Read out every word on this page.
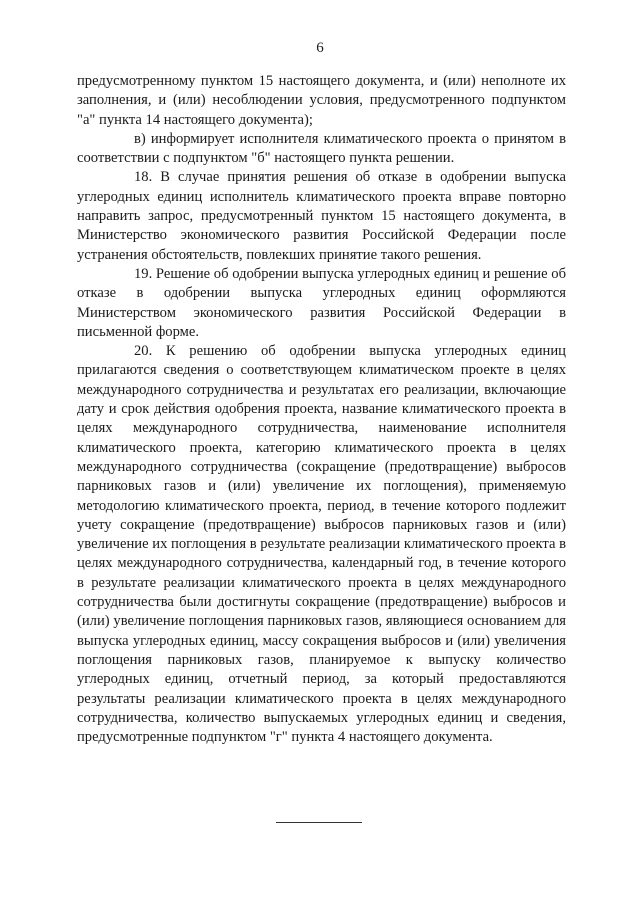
6

предусмотренному пунктом 15 настоящего документа, и (или) неполноте их заполнения, и (или) несоблюдении условия, предусмотренного подпунктом "а" пункта 14 настоящего документа);

в) информирует исполнителя климатического проекта о принятом в соответствии с подпунктом "б" настоящего пункта решении.

18. В случае принятия решения об отказе в одобрении выпуска углеродных единиц исполнитель климатического проекта вправе повторно направить запрос, предусмотренный пунктом 15 настоящего документа, в Министерство экономического развития Российской Федерации после устранения обстоятельств, повлекших принятие такого решения.

19. Решение об одобрении выпуска углеродных единиц и решение об отказе в одобрении выпуска углеродных единиц оформляются Министерством экономического развития Российской Федерации в письменной форме.

20. К решению об одобрении выпуска углеродных единиц прилагаются сведения о соответствующем климатическом проекте в целях международного сотрудничества и результатах его реализации, включающие дату и срок действия одобрения проекта, название климатического проекта в целях международного сотрудничества, наименование исполнителя климатического проекта, категорию климатического проекта в целях международного сотрудничества (сокращение (предотвращение) выбросов парниковых газов и (или) увеличение их поглощения), применяемую методологию климатического проекта, период, в течение которого подлежит учету сокращение (предотвращение) выбросов парниковых газов и (или) увеличение их поглощения в результате реализации климатического проекта в целях международного сотрудничества, календарный год, в течение которого в результате реализации климатического проекта в целях международного сотрудничества были достигнуты сокращение (предотвращение) выбросов и (или) увеличение поглощения парниковых газов, являющиеся основанием для выпуска углеродных единиц, массу сокращения выбросов и (или) увеличения поглощения парниковых газов, планируемое к выпуску количество углеродных единиц, отчетный период, за который предоставляются результаты реализации климатического проекта в целях международного сотрудничества, количество выпускаемых углеродных единиц и сведения, предусмотренные подпунктом "г" пункта 4 настоящего документа.
